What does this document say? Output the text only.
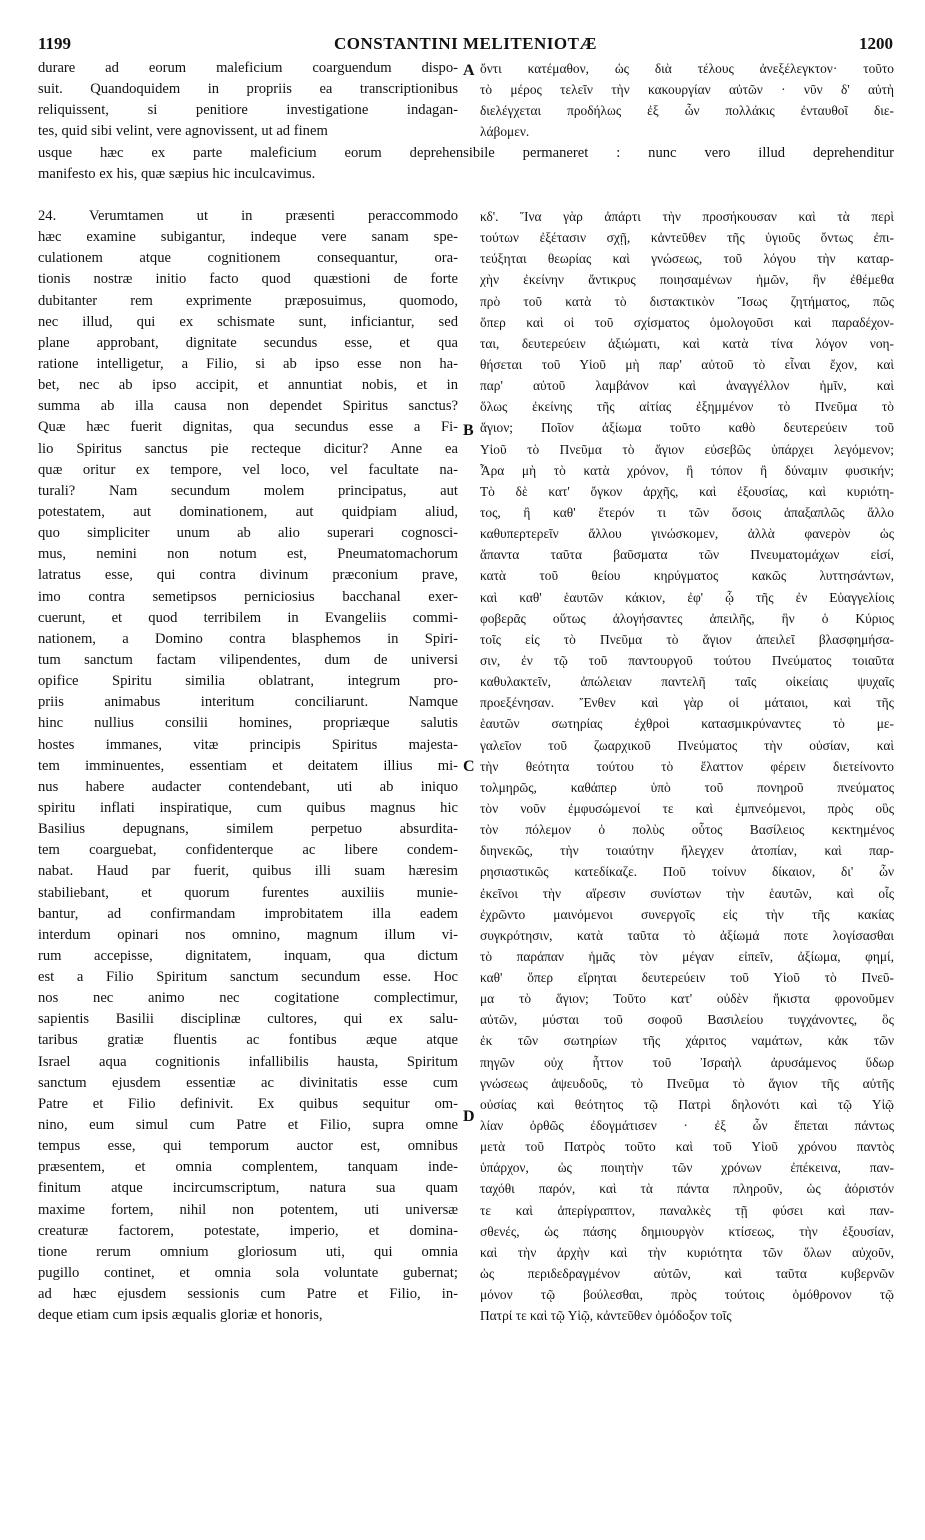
1199	CONSTANTINI MELITENIOTÆ	1200
durare ad eorum maleficium coarguendum dispo-
suit. Quandoquidem in propriis ea transcriptionibus
reliquissent, si penitiore investigatione indagan-
tes, quid sibi velint, vere agnovissent, ut ad finem
ὄντι κατέμαθον, ὡς διὰ τέλους ἀνεξέλεγκτον· τοῦτο
τὸ μέρος τελεῖν τὴν κακουργίαν αὐτῶν · νῦν δ' αὐτὴ
διελέγχεται προδήλως ἐξ ὧν πολλάκις ἐνταυθοῖ διε-
λάβομεν.
usque hæc ex parte maleficium eorum deprehensibile permaneret : nunc vero illud deprehenditur
manifesto ex his, quæ sæpius hic inculcavimus.
24. Verumtamen ut in præsenti peraccommodo
hæc examine subigantur, indeque vere sanam spe-
culationem atque cognitionem consequantur, ora-
tionis nostræ initio facto quod quæstioni de forte
dubitanter rem exprimente præposuimus, quomodo,
nec illud, qui ex schismate sunt, inficiantur, sed
plane approbant, dignitate secundus esse, et qua
ratione intelligetur, a Filio, si ab ipso esse non ha-
bet, nec ab ipso accipit, et annuntiat nobis, et in
summa ab illa causa non dependet Spiritus sanctus?
Quæ hæc fuerit dignitas, qua secundus esse a Fi-
lio Spiritus sanctus pie recteque dicitur? Anne ea
quæ oritur ex tempore, vel loco, vel facultate na-
turali? Nam secundum molem principatus, aut
potestatem, aut dominationem, aut quidpiam aliud,
quo simpliciter unum ab alio superari cognosci-
mus, nemini non notum est, Pneumatomachorum
latratus esse, qui contra divinum præconium prave,
imo contra semetipsos perniciosius bacchanal exer-
cuerunt, et quod terribilem in Evangeliis commi-
nationem, a Domino contra blasphemos in Spiri-
tum sanctum factam vilipendentes, dum de universi
opifice Spiritu similia oblatrant, integrum pro-
priis animabus interitum conciliarunt. Namque
hinc nullius consilii homines, propriæque salutis
hostes immanes, vitæ principis Spiritus majesta-
tem imminuentes, essentiam et deitatem illius mi-
nus habere audacter contendebant, uti ab iniquo
spiritu inflati inspiratique, cum quibus magnus hic
Basilius depugnans, similem perpetuo absurdita-
tem coarguebat, confidenterque ac libere condem-
nabat. Haud par fuerit, quibus illi suam hæresim
stabiliebant, et quorum furentes auxiliis munie-
bantur, ad confirmandam improbitatem illa eadem
interdum opinari nos omnino, magnum illum vi-
rum accepisse, dignitatem, inquam, qua dictum
est a Filio Spiritum sanctum secundum esse. Hoc
nos nec animo nec cogitatione complectimur,
sapientis Basilii disciplinæ cultores, qui ex salu-
taribus gratiæ fluentis ac fontibus æque atque
Israel aqua cognitionis infallibilis hausta, Spiritum
sanctum ejusdem essentiæ ac divinitatis esse cum
Patre et Filio definivit. Ex quibus sequitur om-
nino, eum simul cum Patre et Filio, supra omne
tempus esse, qui temporum auctor est, omnibus
præsentem, et omnia complentem, tanquam inde-
finitum atque incircumscriptum, natura sua quam
maxime fortem, nihil non potentem, uti universæ
creaturæ factorem, potestate, imperio, et domina-
tione rerum omnium gloriosum uti, qui omnia
pugillo continet, et omnia sola voluntate gubernat;
ad hæc ejusdem sessionis cum Patre et Filio, in-
deque etiam cum ipsis æqualis gloriæ et honoris,
κδ'. Ἵνα γὰρ ἀπάρτι τὴν προσήκουσαν καὶ τὰ περὶ
τούτων ἐξέτασιν σχῇ, κἀντεῦθεν τῆς ὑγιοῦς ὄντως ἐπι-
τεύξηται θεωρίας καὶ γνώσεως, τοῦ λόγου τὴν καταρ-
χὴν ἐκείνην ἄντικρυς ποιησαμένων ἡμῶν, ἣν ἐθέμεθα
πρὸ τοῦ κατὰ τὸ διστακτικὸν Ἴσως ζητήματος, πῶς
ὅπερ καὶ οἱ τοῦ σχίσματος ὁμολογοῦσι καὶ παραδέχον-
ται, δευτερεύειν ἀξιώματι, καὶ κατὰ τίνα λόγον νοη-
θήσεται τοῦ Υἱοῦ μὴ παρ' αὐτοῦ τὸ εἶναι ἔχον, καὶ
παρ' αὐτοῦ λαμβάνον καὶ ἀναγγέλλον ἡμῖν, καὶ
ὅλως ἐκείνης τῆς αἰτίας ἐξημμένον τὸ Πνεῦμα τὸ
ἅγιον; Ποῖον ἀξίωμα τοῦτο καθὸ δευτερεύειν τοῦ
Υἱοῦ τὸ Πνεῦμα τὸ ἅγιον εὐσεβῶς ὑπάρχει λεγόμενον;
Ἆρα μὴ τὸ κατὰ χρόνον, ἢ τόπον ἢ δύναμιν φυσικήν;
Τὸ δὲ κατ' ὄγκον ἀρχῆς, καὶ ἐξουσίας, καὶ κυριότη-
τος, ἢ καθ' ἕτερόν τι τῶν ὅσοις ἁπαξαπλῶς ἄλλο
καθυπερτερεῖν ἄλλου γινώσκομεν, ἀλλὰ φανερὸν ὡς
ἅπαντα ταῦτα βαῦσματα τῶν Πνευματομάχων εἰσί,
κατὰ τοῦ θείου κηρύγματος κακῶς λυττησάντων,
καὶ καθ' ἑαυτῶν κάκιον, ἐφ' ᾧ τῆς ἐν Εὐαγγελίοις
φοβερᾶς οὕτως ἀλογήσαντες ἀπειλῆς, ἣν ὁ Κύριος
τοῖς εἰς τὸ Πνεῦμα τὸ ἅγιον ἀπειλεῖ βλασφημήσα-
σιν, ἐν τῷ τοῦ παντουργοῦ τούτου Πνεύματος τοιαῦτα
καθυλακτεῖν, ἀπώλειαν παντελῆ ταῖς οἰκείαις ψυχαῖς
προεξένησαν. Ἔνθεν καὶ γὰρ οἱ μάταιοι, καὶ τῆς
ἑαυτῶν σωτηρίας ἐχθροὶ κατασμικρύναντες τὸ με-
γαλεῖον τοῦ ζωαρχικοῦ Πνεύματος τὴν οὐσίαν, καὶ
τὴν θεότητα τούτου τὸ ἔλαττον φέρειν διετείνοντο
τολμηρῶς, καθάπερ ὑπὸ τοῦ πονηροῦ πνεύματος
τὸν νοῦν ἐμφυσώμενοί τε καὶ ἐμπνεόμενοι, πρὸς οὓς
τὸν πόλεμον ὁ πολὺς οὗτος Βασίλειος κεκτημένος
διηνεκῶς, τὴν τοιαύτην ἤλεγχεν ἀτοπίαν, καὶ παρ-
ρησιαστικῶς κατεδίκαζε. Ποῦ τοίνυν δίκαιον, δι' ὧν
ἐκεῖνοι τὴν αἵρεσιν συνίστων τὴν ἑαυτῶν, καὶ οἷς
ἐχρῶντο μαινόμενοι συνεργοῖς εἰς τὴν τῆς κακίας
συγκρότησιν, κατὰ ταῦτα τὸ ἀξίωμά ποτε λογίσασθαι
τὸ παράπαν ἡμᾶς τὸν μέγαν εἰπεῖν, ἀξίωμα, φημί,
καθ' ὅπερ εἴρηται δευτερεύειν τοῦ Υἱοῦ τὸ Πνεῦ-
μα τὸ ἅγιον; Τοῦτο κατ' οὐδὲν ἥκιστα φρονοῦμεν
αὐτῶν, μύσται τοῦ σοφοῦ Βασιλείου τυγχάνοντες, ὃς
ἐκ τῶν σωτηρίων τῆς χάριτος ναμάτων, κἀκ τῶν
πηγῶν οὐχ ἧττον τοῦ Ἰσραὴλ ἀρυσάμενος ὕδωρ
γνώσεως ἀψευδοῦς, τὸ Πνεῦμα τὸ ἅγιον τῆς αὐτῆς
οὐσίας καὶ θεότητος τῷ Πατρὶ δηλονότι καὶ τῷ Υἱῷ
λίαν ὀρθῶς ἐδογμάτισεν · ἐξ ὧν ἕπεται πάντως
μετὰ τοῦ Πατρὸς τοῦτο καὶ τοῦ Υἱοῦ χρόνου παντὸς
ὑπάρχον, ὡς ποιητὴν τῶν χρόνων ἐπέκεινα, παν-
ταχόθι παρόν, καὶ τὰ πάντα πληροῦν, ὡς ἀόριστόν
τε καὶ ἀπερίγραπτον, παναλκὲς τῇ φύσει καὶ παν-
σθενές, ὡς πάσης δημιουργὸν κτίσεως, τὴν ἐξουσίαν,
καὶ τὴν ἀρχὴν καὶ τὴν κυριότητα τῶν ὅλων αὐχοῦν,
ὡς περιδεδραγμένον αὐτῶν, καὶ ταῦτα κυβερνῶν
μόνον τῷ βούλεσθαι, πρὸς τούτοις ὁμόθρονον τῷ
Πατρί τε καὶ τῷ Υἱῷ, κἀντεῦθεν ὁμόδοξον τοῖς
A
B
C
D
